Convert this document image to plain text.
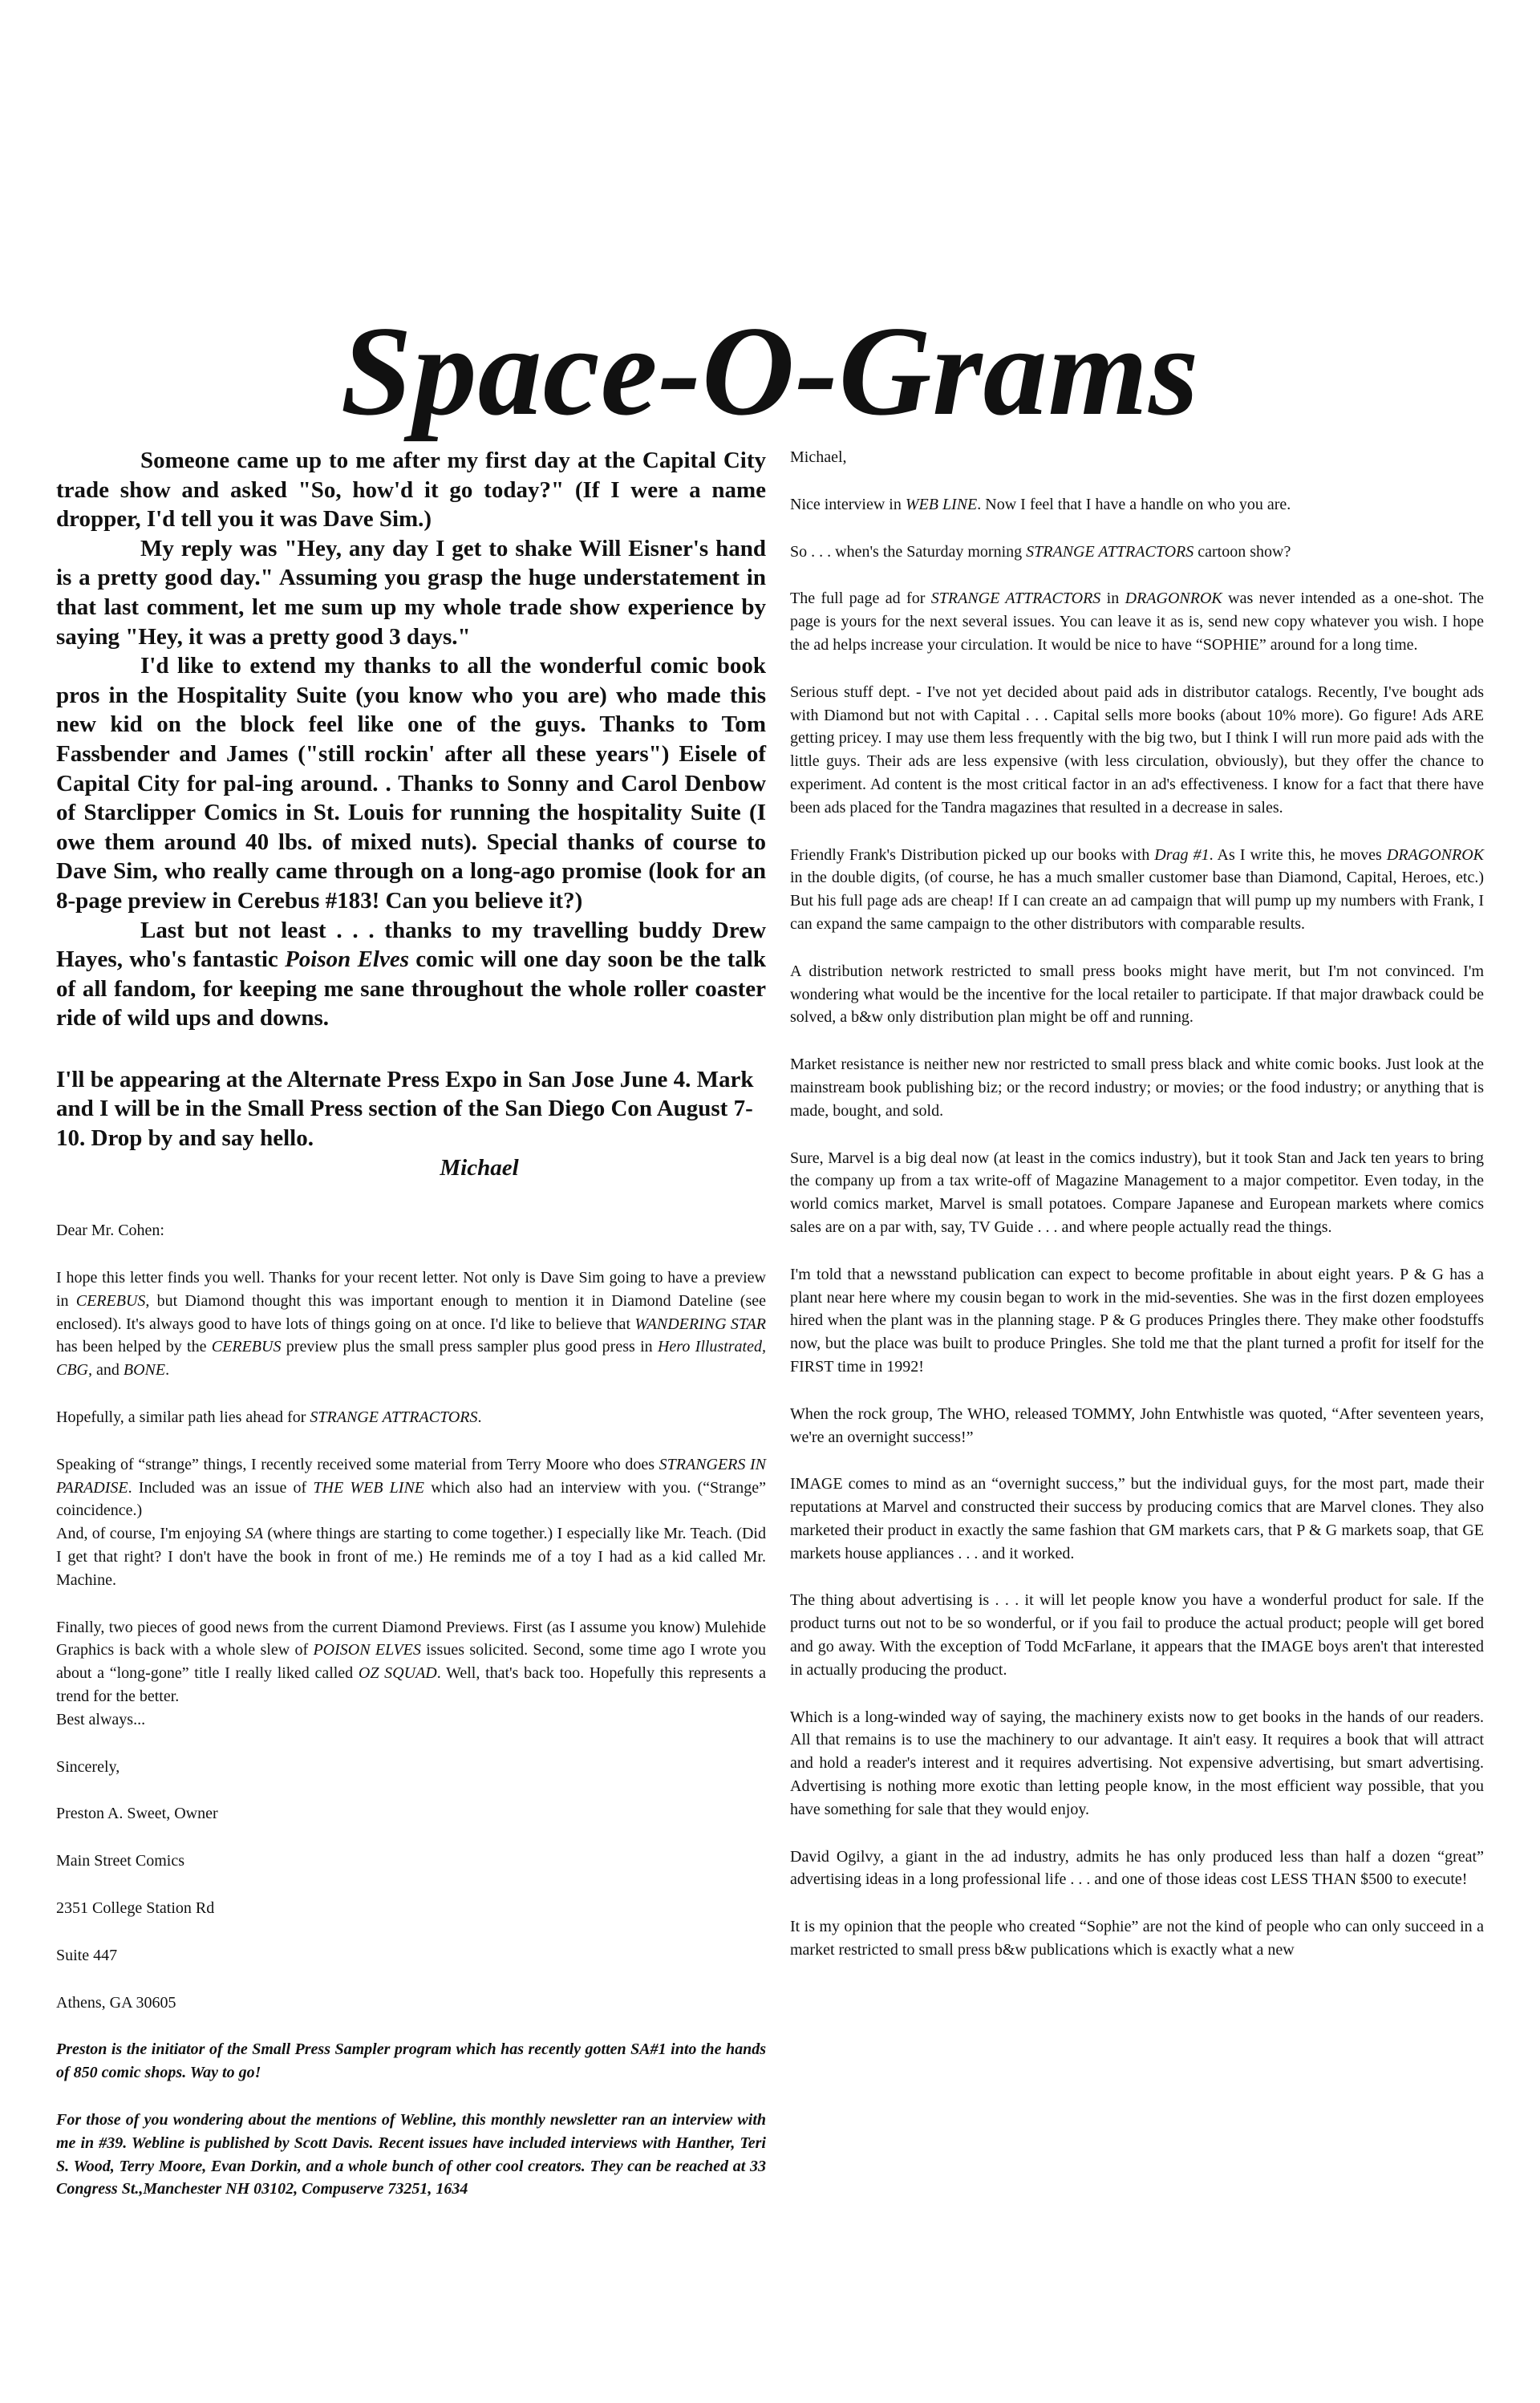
Space-O-Grams

Someone came up to me after my first day at the Capital City trade show and asked "So, how'd it go today?" (If I were a name dropper, I'd tell you it was Dave Sim.)

My reply was "Hey, any day I get to shake Will Eisner's hand is a pretty good day." Assuming you grasp the huge understatement in that last comment, let me sum up my whole trade show experience by saying "Hey, it was a pretty good 3 days."

I'd like to extend my thanks to all the wonderful comic book pros in the Hospitality Suite (you know who you are) who made this new kid on the block feel like one of the guys. Thanks to Tom Fassbender and James ("still rockin' after all these years") Eisele of Capital City for pal-ing around. . Thanks to Sonny and Carol Denbow of Starclipper Comics in St. Louis for running the hospitality Suite (I owe them around 40 lbs. of mixed nuts). Special thanks of course to Dave Sim, who really came through on a long-ago promise (look for an 8-page preview in Cerebus #183! Can you believe it?)

Last but not least . . . thanks to my travelling buddy Drew Hayes, who's fantastic Poison Elves comic will one day soon be the talk of all fandom, for keeping me sane throughout the whole roller coaster ride of wild ups and downs.

I'll be appearing at the Alternate Press Expo in San Jose June 4. Mark and I will be in the Small Press section of the San Diego Con August 7-10. Drop by and say hello.

Michael

Dear Mr. Cohen:

I hope this letter finds you well. Thanks for your recent letter. Not only is Dave Sim going to have a preview in CEREBUS, but Diamond thought this was important enough to mention it in Diamond Dateline (see enclosed). It's always good to have lots of things going on at once. I'd like to believe that WANDERING STAR has been helped by the CEREBUS preview plus the small press sampler plus good press in Hero Illustrated, CBG, and BONE.

Hopefully, a similar path lies ahead for STRANGE ATTRACTORS.

Speaking of “strange” things, I recently received some material from Terry Moore who does STRANGERS IN PARADISE. Included was an issue of THE WEB LINE which also had an interview with you. (“Strange” coincidence.)

And, of course, I'm enjoying SA (where things are starting to come together.) I especially like Mr. Teach. (Did I get that right? I don't have the book in front of me.) He reminds me of a toy I had as a kid called Mr. Machine.

Finally, two pieces of good news from the current Diamond Previews. First (as I assume you know) Mulehide Graphics is back with a whole slew of POISON ELVES issues solicited. Second, some time ago I wrote you about a “long-gone” title I really liked called OZ SQUAD. Well, that's back too. Hopefully this represents a trend for the better.

Best always...

Sincerely,

Preston A. Sweet, Owner

Main Street Comics

2351 College Station Rd

Suite 447

Athens, GA 30605

Preston is the initiator of the Small Press Sampler program which has recently gotten SA#1 into the hands of 850 comic shops. Way to go!

For those of you wondering about the mentions of Webline, this monthly newsletter ran an interview with me in #39. Webline is published by Scott Davis. Recent issues have included interviews with Hanther, Teri S. Wood, Terry Moore, Evan Dorkin, and a whole bunch of other cool creators. They can be reached at 33 Congress St.,Manchester NH 03102, Compuserve 73251, 1634

Michael,

Nice interview in WEB LINE. Now I feel that I have a handle on who you are.

So . . . when's the Saturday morning STRANGE ATTRACTORS cartoon show?

The full page ad for STRANGE ATTRACTORS in DRAGONROK was never intended as a one-shot. The page is yours for the next several issues. You can leave it as is, send new copy whatever you wish. I hope the ad helps increase your circulation. It would be nice to have “SOPHIE” around for a long time.

Serious stuff dept. - I've not yet decided about paid ads in distributor catalogs. Recently, I've bought ads with Diamond but not with Capital . . . Capital sells more books (about 10% more). Go figure! Ads ARE getting pricey. I may use them less frequently with the big two, but I think I will run more paid ads with the little guys. Their ads are less expensive (with less circulation, obviously), but they offer the chance to experiment. Ad content is the most critical factor in an ad's effectiveness. I know for a fact that there have been ads placed for the Tandra magazines that resulted in a decrease in sales.

Friendly Frank's Distribution picked up our books with Drag #1. As I write this, he moves DRAGONROK in the double digits, (of course, he has a much smaller customer base than Diamond, Capital, Heroes, etc.) But his full page ads are cheap! If I can create an ad campaign that will pump up my numbers with Frank, I can expand the same campaign to the other distributors with comparable results.

A distribution network restricted to small press books might have merit, but I'm not convinced. I'm wondering what would be the incentive for the local retailer to participate. If that major drawback could be solved, a b&w only distribution plan might be off and running.

Market resistance is neither new nor restricted to small press black and white comic books. Just look at the mainstream book publishing biz; or the record industry; or movies; or the food industry; or anything that is made, bought, and sold.

Sure, Marvel is a big deal now (at least in the comics industry), but it took Stan and Jack ten years to bring the company up from a tax write-off of Magazine Management to a major competitor. Even today, in the world comics market, Marvel is small potatoes. Compare Japanese and European markets where comics sales are on a par with, say, TV Guide . . . and where people actually read the things.

I'm told that a newsstand publication can expect to become profitable in about eight years. P & G has a plant near here where my cousin began to work in the mid-seventies. She was in the first dozen employees hired when the plant was in the planning stage. P & G produces Pringles there. They make other foodstuffs now, but the place was built to produce Pringles. She told me that the plant turned a profit for itself for the FIRST time in 1992!

When the rock group, The WHO, released TOMMY, John Entwhistle was quoted, “After seventeen years, we're an overnight success!”

IMAGE comes to mind as an “overnight success,” but the individual guys, for the most part, made their reputations at Marvel and constructed their success by producing comics that are Marvel clones. They also marketed their product in exactly the same fashion that GM markets cars, that P & G markets soap, that GE markets house appliances . . . and it worked.

The thing about advertising is . . . it will let people know you have a wonderful product for sale. If the product turns out not to be so wonderful, or if you fail to produce the actual product; people will get bored and go away. With the exception of Todd McFarlane, it appears that the IMAGE boys aren't that interested in actually producing the product.

Which is a long-winded way of saying, the machinery exists now to get books in the hands of our readers. All that remains is to use the machinery to our advantage. It ain't easy. It requires a book that will attract and hold a reader's interest and it requires advertising. Not expensive advertising, but smart advertising. Advertising is nothing more exotic than letting people know, in the most efficient way possible, that you have something for sale that they would enjoy.

David Ogilvy, a giant in the ad industry, admits he has only produced less than half a dozen “great” advertising ideas in a long professional life . . . and one of those ideas cost LESS THAN $500 to execute!

It is my opinion that the people who created “Sophie” are not the kind of people who can only succeed in a market restricted to small press b&w publications which is exactly what a new
